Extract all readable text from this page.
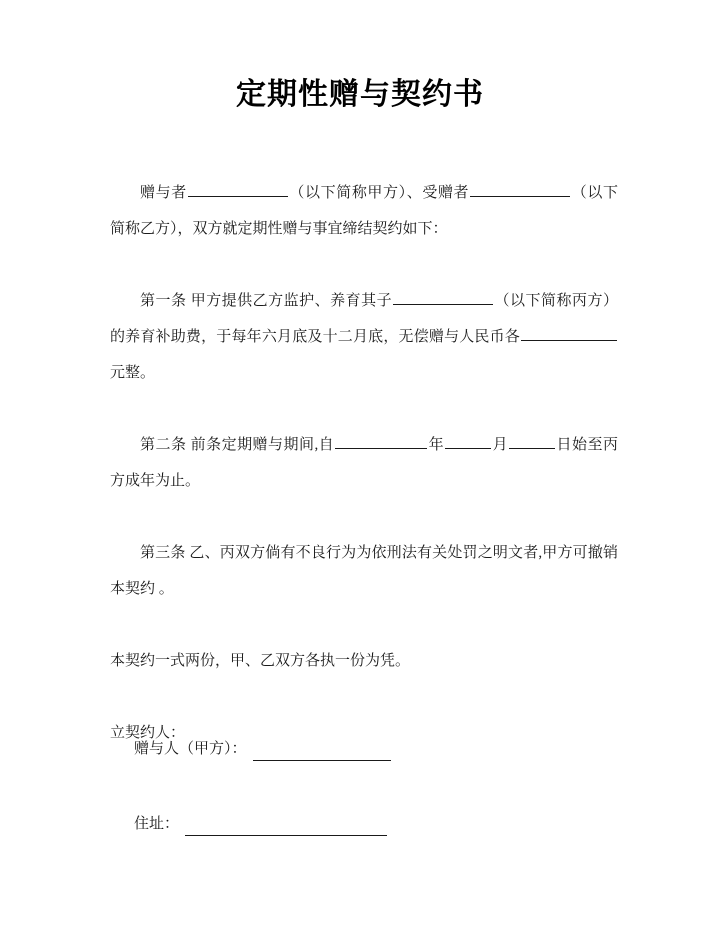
定期性赠与契约书

赠与者	（以下简称甲方）、受赠者	（以下简称乙方），双方就定期性赠与事宜缔结契约如下：

第一条 甲方提供乙方监护、养育其子	（以下简称丙方）的养育补助费，于每年六月底及十二月底，无偿赠与人民币各元整。

第二条 前条定期赠与期间,自	年	月	日始至丙方成年为止。

第三条 乙、丙双方倘有不良行为为依刑法有关处罚之明文者,甲方可撤销本契约 。

本契约一式两份，甲、乙双方各执一份为凭。

立契约人：

赠与人（甲方）：
住址：
